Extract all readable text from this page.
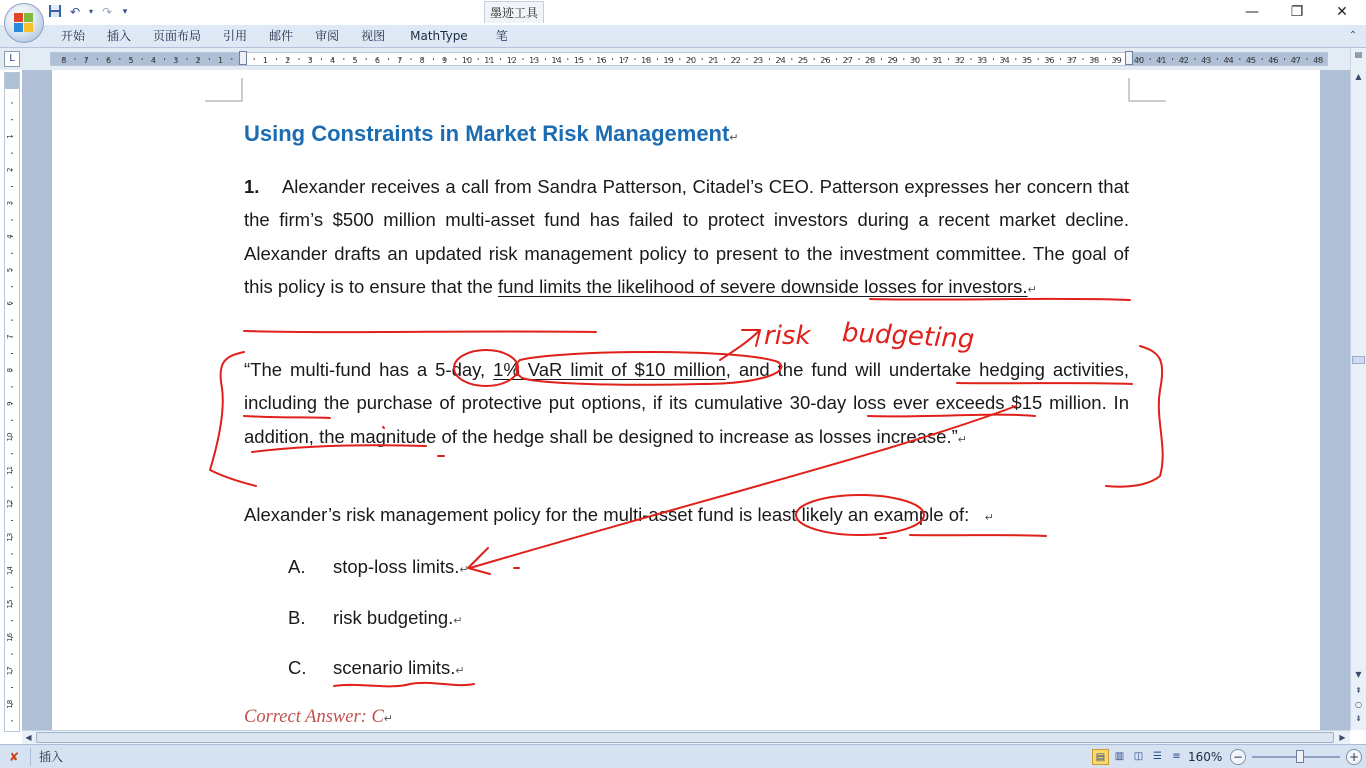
↶	▾ ↷	▾	墨迹工具	—	❐	✕
开始	插入	页面布局	引用	邮件	审阅	视图	MathType	笔	⌃
L	8 7 6 5 4 3 2 1	1 2 3 4 5 6 7 8 9 10 11 12 13 14 15 16 17 18 19 20 21 22 23 24 25 26 27 28 29 30 31 32 33 34 35 36 37 38 39 40 41 42 43 44 45 46 47 48
1
2
3
4
5
6
7
8
9
10
11
12
13
14
15
16
17
18
Using Constraints in Market Risk Management↵
1. Alexander receives a call from Sandra Patterson, Citadel’s CEO. Patterson expresses her concern that the firm’s $500 million multi-asset fund has failed to protect investors during a recent market decline. Alexander drafts an updated risk management policy to present to the investment committee. The goal of this policy is to ensure that the fund limits the likelihood of severe downside losses for investors.↵
“The multi-fund has a 5-day, 1% VaR limit of $10 million, and the fund will undertake hedging activities, including the purchase of protective put options, if its cumulative 30-day loss ever exceeds $15 million. In addition, the magnitude of the hedge shall be designed to increase as losses increase.”↵
Alexander’s risk management policy for the multi-asset fund is least likely an example of: ↵
A. stop-loss limits.↵
B. risk budgeting.↵
C. scenario limits.↵
Correct Answer: C↵
risk budgeting
▤
▲
▼
⇞
○
⇟
◀	▶
✘	插入	▤ ▥ ◫ ☰	≡ 160% −	+
